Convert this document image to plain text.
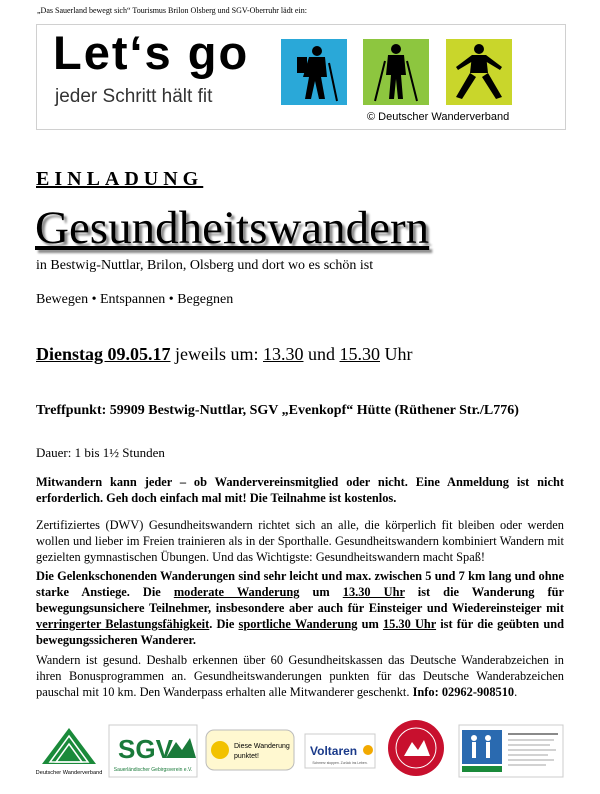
„Das Sauerland bewegt sich“ Tourismus Brilon Olsberg und SGV-Oberruhr lädt ein:
Let‘s go
jeder Schritt hält fit
© Deutscher Wanderverband
EINLADUNG
Gesundheitswandern
in Bestwig-Nuttlar, Brilon, Olsberg und dort wo es schön ist
Bewegen • Entspannen • Begegnen
Dienstag 09.05.17 jeweils um: 13.30 und 15.30 Uhr
Treffpunkt: 59909 Bestwig-Nuttlar, SGV „Evenkopf“ Hütte (Rüthener Str./L776)
Dauer: 1 bis 1½ Stunden
Mitwandern kann jeder – ob Wandervereinsmitglied oder nicht. Eine Anmeldung ist nicht erforderlich. Geh doch einfach mal mit! Die Teilnahme ist kostenlos.
Zertifiziertes (DWV) Gesundheitswandern richtet sich an alle, die körperlich fit bleiben oder werden wollen und lieber im Freien trainieren als in der Sporthalle. Gesundheitswandern kombiniert Wandern mit gezielten gymnastischen Übungen. Und das Wichtigste: Gesundheitswandern macht Spaß!
Die Gelenkschonenden Wanderungen sind sehr leicht und max. zwischen 5 und 7 km lang und ohne starke Anstiege. Die moderate Wanderung um 13.30 Uhr ist die Wanderung für bewegungsunsichere Teilnehmer, insbesondere aber auch für Einsteiger und Wiedereinsteiger mit verringerter Belastungsfähigkeit. Die sportliche Wanderung um 15.30 Uhr ist für die geübten und bewegungssicheren Wanderer.
Wandern ist gesund. Deshalb erkennen über 60 Gesundheitskassen das Deutsche Wanderabzeichen in ihren Bonusprogrammen an. Gesundheitswanderungen punkten für das Deutsche Wanderabzeichen pauschal mit 10 km. Den Wanderpass erhalten alle Mitwanderer geschenkt. Info: 02962-908510.
Deutscher Wanderverband
SGV
Sauerländischer Gebirgsverein e.V.
Diese Wanderung
punktet!	Voltaren
Schmerz stoppen. Zurück ins Leben.
